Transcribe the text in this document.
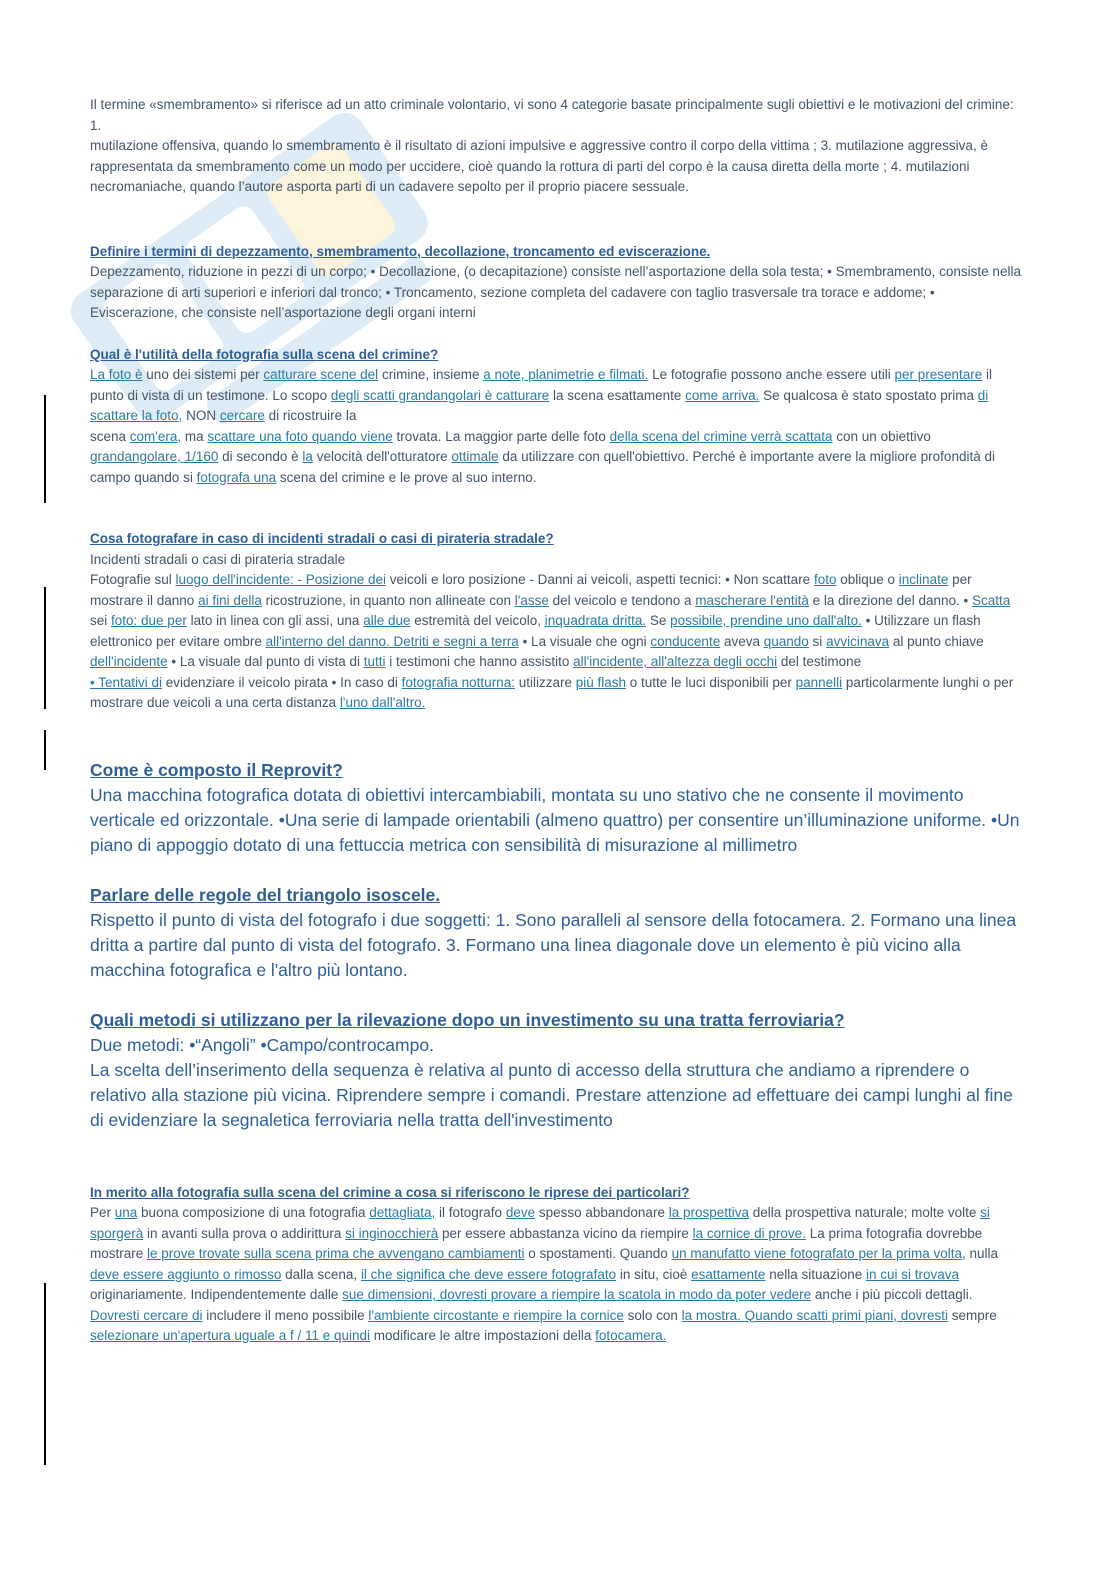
Il termine «smembramento» si riferisce ad un atto criminale volontario, vi sono 4 categorie basate principalmente sugli obiettivi e le motivazioni del crimine: 1.

mutilazione offensiva, quando lo smembramento è il risultato di azioni impulsive e aggressive contro il corpo della vittima ; 3. mutilazione aggressiva, è rappresentata da smembramento come un modo per uccidere, cioè quando la rottura di parti del corpo è la causa diretta della morte ; 4. mutilazioni necromaniache, quando l’autore asporta parti di un cadavere sepolto per il proprio piacere sessuale.

Definire i termini di depezzamento, smembramento, decollazione, troncamento ed eviscerazione.

Depezzamento, riduzione in pezzi di un corpo; • Decollazione, (o decapitazione) consiste nell’asportazione della sola testa; • Smembramento, consiste nella separazione di arti superiori e inferiori dal tronco; • Troncamento, sezione completa del cadavere con taglio trasversale tra torace e addome; • Eviscerazione, che consiste nell’asportazione degli organi interni

Qual è l'utilità della fotografia sulla scena del crimine?

La foto è uno dei sistemi per catturare scene del crimine, insieme a note, planimetrie e filmati. Le fotografie possono anche essere utili per presentare il punto di vista di un testimone. Lo scopo degli scatti grandangolari è catturare la scena esattamente come arriva. Se qualcosa è stato spostato prima di scattare la foto, NON cercare di ricostruire la

scena com'era, ma scattare una foto quando viene trovata. La maggior parte delle foto della scena del crimine verrà scattata con un obiettivo grandangolare, 1/160 di secondo è la velocità dell'otturatore ottimale da utilizzare con quell'obiettivo. Perché è importante avere la migliore profondità di campo quando si fotografa una scena del crimine e le prove al suo interno.

Cosa fotografare in caso di incidenti stradali o casi di pirateria stradale?

Incidenti stradali o casi di pirateria stradale

Fotografie sul luogo dell'incidente: - Posizione dei veicoli e loro posizione - Danni ai veicoli, aspetti tecnici: • Non scattare foto oblique o inclinate per mostrare il danno ai fini della ricostruzione, in quanto non allineate con l'asse del veicolo e tendono a mascherare l'entità e la direzione del danno. • Scatta sei foto: due per lato in linea con gli assi, una alle due estremità del veicolo, inquadrata dritta. Se possibile, prendine uno dall'alto. • Utilizzare un flash elettronico per evitare ombre all'interno del danno. Detriti e segni a terra • La visuale che ogni conducente aveva quando si avvicinava al punto chiave dell'incidente • La visuale dal punto di vista di tutti i testimoni che hanno assistito all'incidente, all'altezza degli occhi del testimone

• Tentativi di evidenziare il veicolo pirata • In caso di fotografia notturna: utilizzare più flash o tutte le luci disponibili per pannelli particolarmente lunghi o per mostrare due veicoli a una certa distanza l'uno dall'altro.

Come è composto il Reprovit?

Una macchina fotografica dotata di obiettivi intercambiabili, montata su uno stativo che ne consente il movimento verticale ed orizzontale. •Una serie di lampade orientabili (almeno quattro) per consentire un’illuminazione uniforme. •Un piano di appoggio dotato di una fettuccia metrica con sensibilità di misurazione al millimetro

Parlare delle regole del triangolo isoscele.

Rispetto il punto di vista del fotografo i due soggetti: 1. Sono paralleli al sensore della fotocamera. 2. Formano una linea dritta a partire dal punto di vista del fotografo. 3. Formano una linea diagonale dove un elemento è più vicino alla macchina fotografica e l'altro più lontano.

Quali metodi si utilizzano per la rilevazione dopo un investimento su una tratta ferroviaria?

Due metodi: •“Angoli” •Campo/controcampo.

La scelta dell’inserimento della sequenza è relativa al punto di accesso della struttura che andiamo a riprendere o relativo alla stazione più vicina. Riprendere sempre i comandi. Prestare attenzione ad effettuare dei campi lunghi al fine di evidenziare la segnaletica ferroviaria nella tratta dell'investimento

In merito alla fotografia sulla scena del crimine a cosa si riferiscono le riprese dei particolari?

Per una buona composizione di una fotografia dettagliata, il fotografo deve spesso abbandonare la prospettiva della prospettiva naturale; molte volte si sporgerà in avanti sulla prova o addirittura si inginocchierà per essere abbastanza vicino da riempire la cornice di prove. La prima fotografia dovrebbe mostrare le prove trovate sulla scena prima che avvengano cambiamenti o spostamenti. Quando un manufatto viene fotografato per la prima volta, nulla deve essere aggiunto o rimosso dalla scena, il che significa che deve essere fotografato in situ, cioè esattamente nella situazione in cui si trovava originariamente. Indipendentemente dalle sue dimensioni, dovresti provare a riempire la scatola in modo da poter vedere anche i più piccoli dettagli. Dovresti cercare di includere il meno possibile l'ambiente circostante e riempire la cornice solo con la mostra. Quando scatti primi piani, dovresti sempre selezionare un'apertura uguale a f / 11 e quindi modificare le altre impostazioni della fotocamera.
